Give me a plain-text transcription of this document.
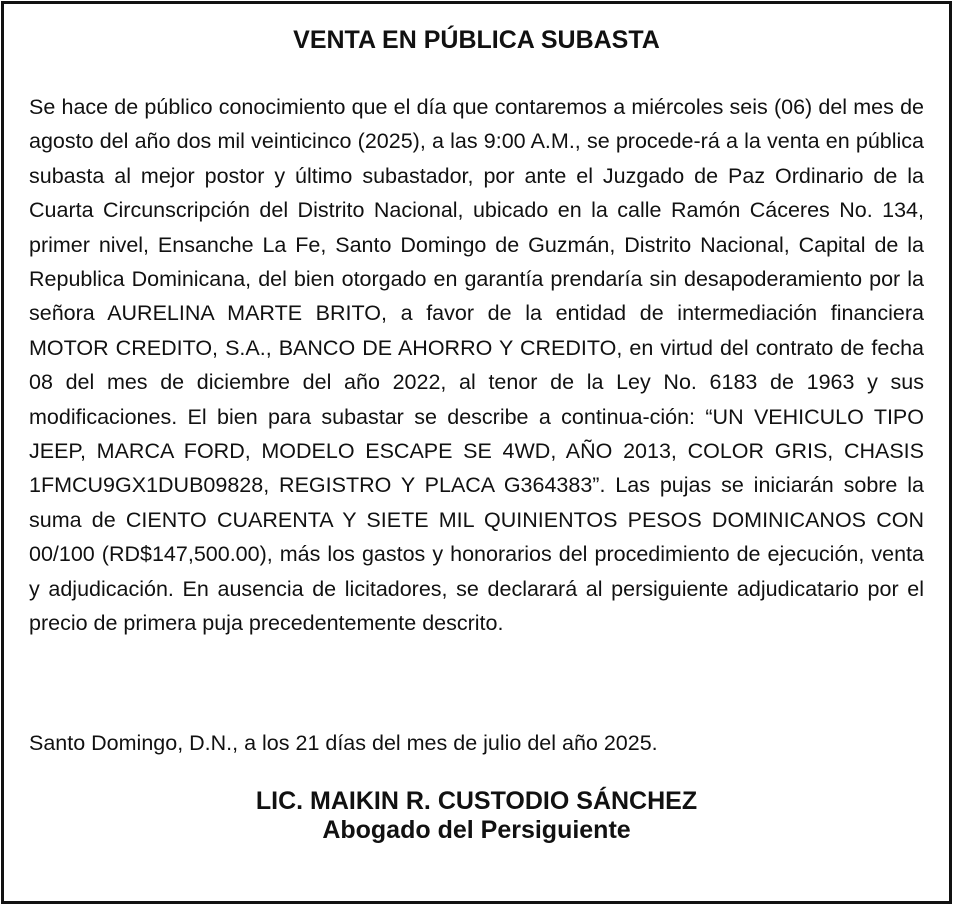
VENTA EN PÚBLICA SUBASTA

Se hace de público conocimiento que el día que contaremos a miércoles seis (06) del mes de agosto del año dos mil veinticinco (2025), a las 9:00 A.M., se procede-rá a la venta en pública subasta al mejor postor y último subastador, por ante el Juzgado de Paz Ordinario de la Cuarta Circunscripción del Distrito Nacional, ubicado en la calle Ramón Cáceres No. 134, primer nivel, Ensanche La Fe, Santo Domingo de Guzmán, Distrito Nacional, Capital de la Republica Dominicana, del bien otorgado en garantía prendaría sin desapoderamiento por la señora AURELINA MARTE BRITO, a favor de la entidad de intermediación financiera MOTOR CREDITO, S.A., BANCO DE AHORRO Y CREDITO, en virtud del contrato de fecha 08 del mes de diciembre del año 2022, al tenor de la Ley No. 6183 de 1963 y sus modificaciones. El bien para subastar se describe a continua-ción: “UN VEHICULO TIPO JEEP, MARCA FORD, MODELO ESCAPE SE 4WD, AÑO 2013, COLOR GRIS, CHASIS 1FMCU9GX1DUB09828, REGISTRO Y PLACA G364383”. Las pujas se iniciarán sobre la suma de CIENTO CUARENTA Y SIETE MIL QUINIENTOS PESOS DOMINICANOS CON 00/100 (RD$147,500.00), más los gastos y honorarios del procedimiento de ejecución, venta y adjudicación. En ausencia de licitadores, se declarará al persiguiente adjudicatario por el precio de primera puja precedentemente descrito.

Santo Domingo, D.N., a los 21 días del mes de julio del año 2025.

LIC. MAIKIN R. CUSTODIO SÁNCHEZ
Abogado del Persiguiente
